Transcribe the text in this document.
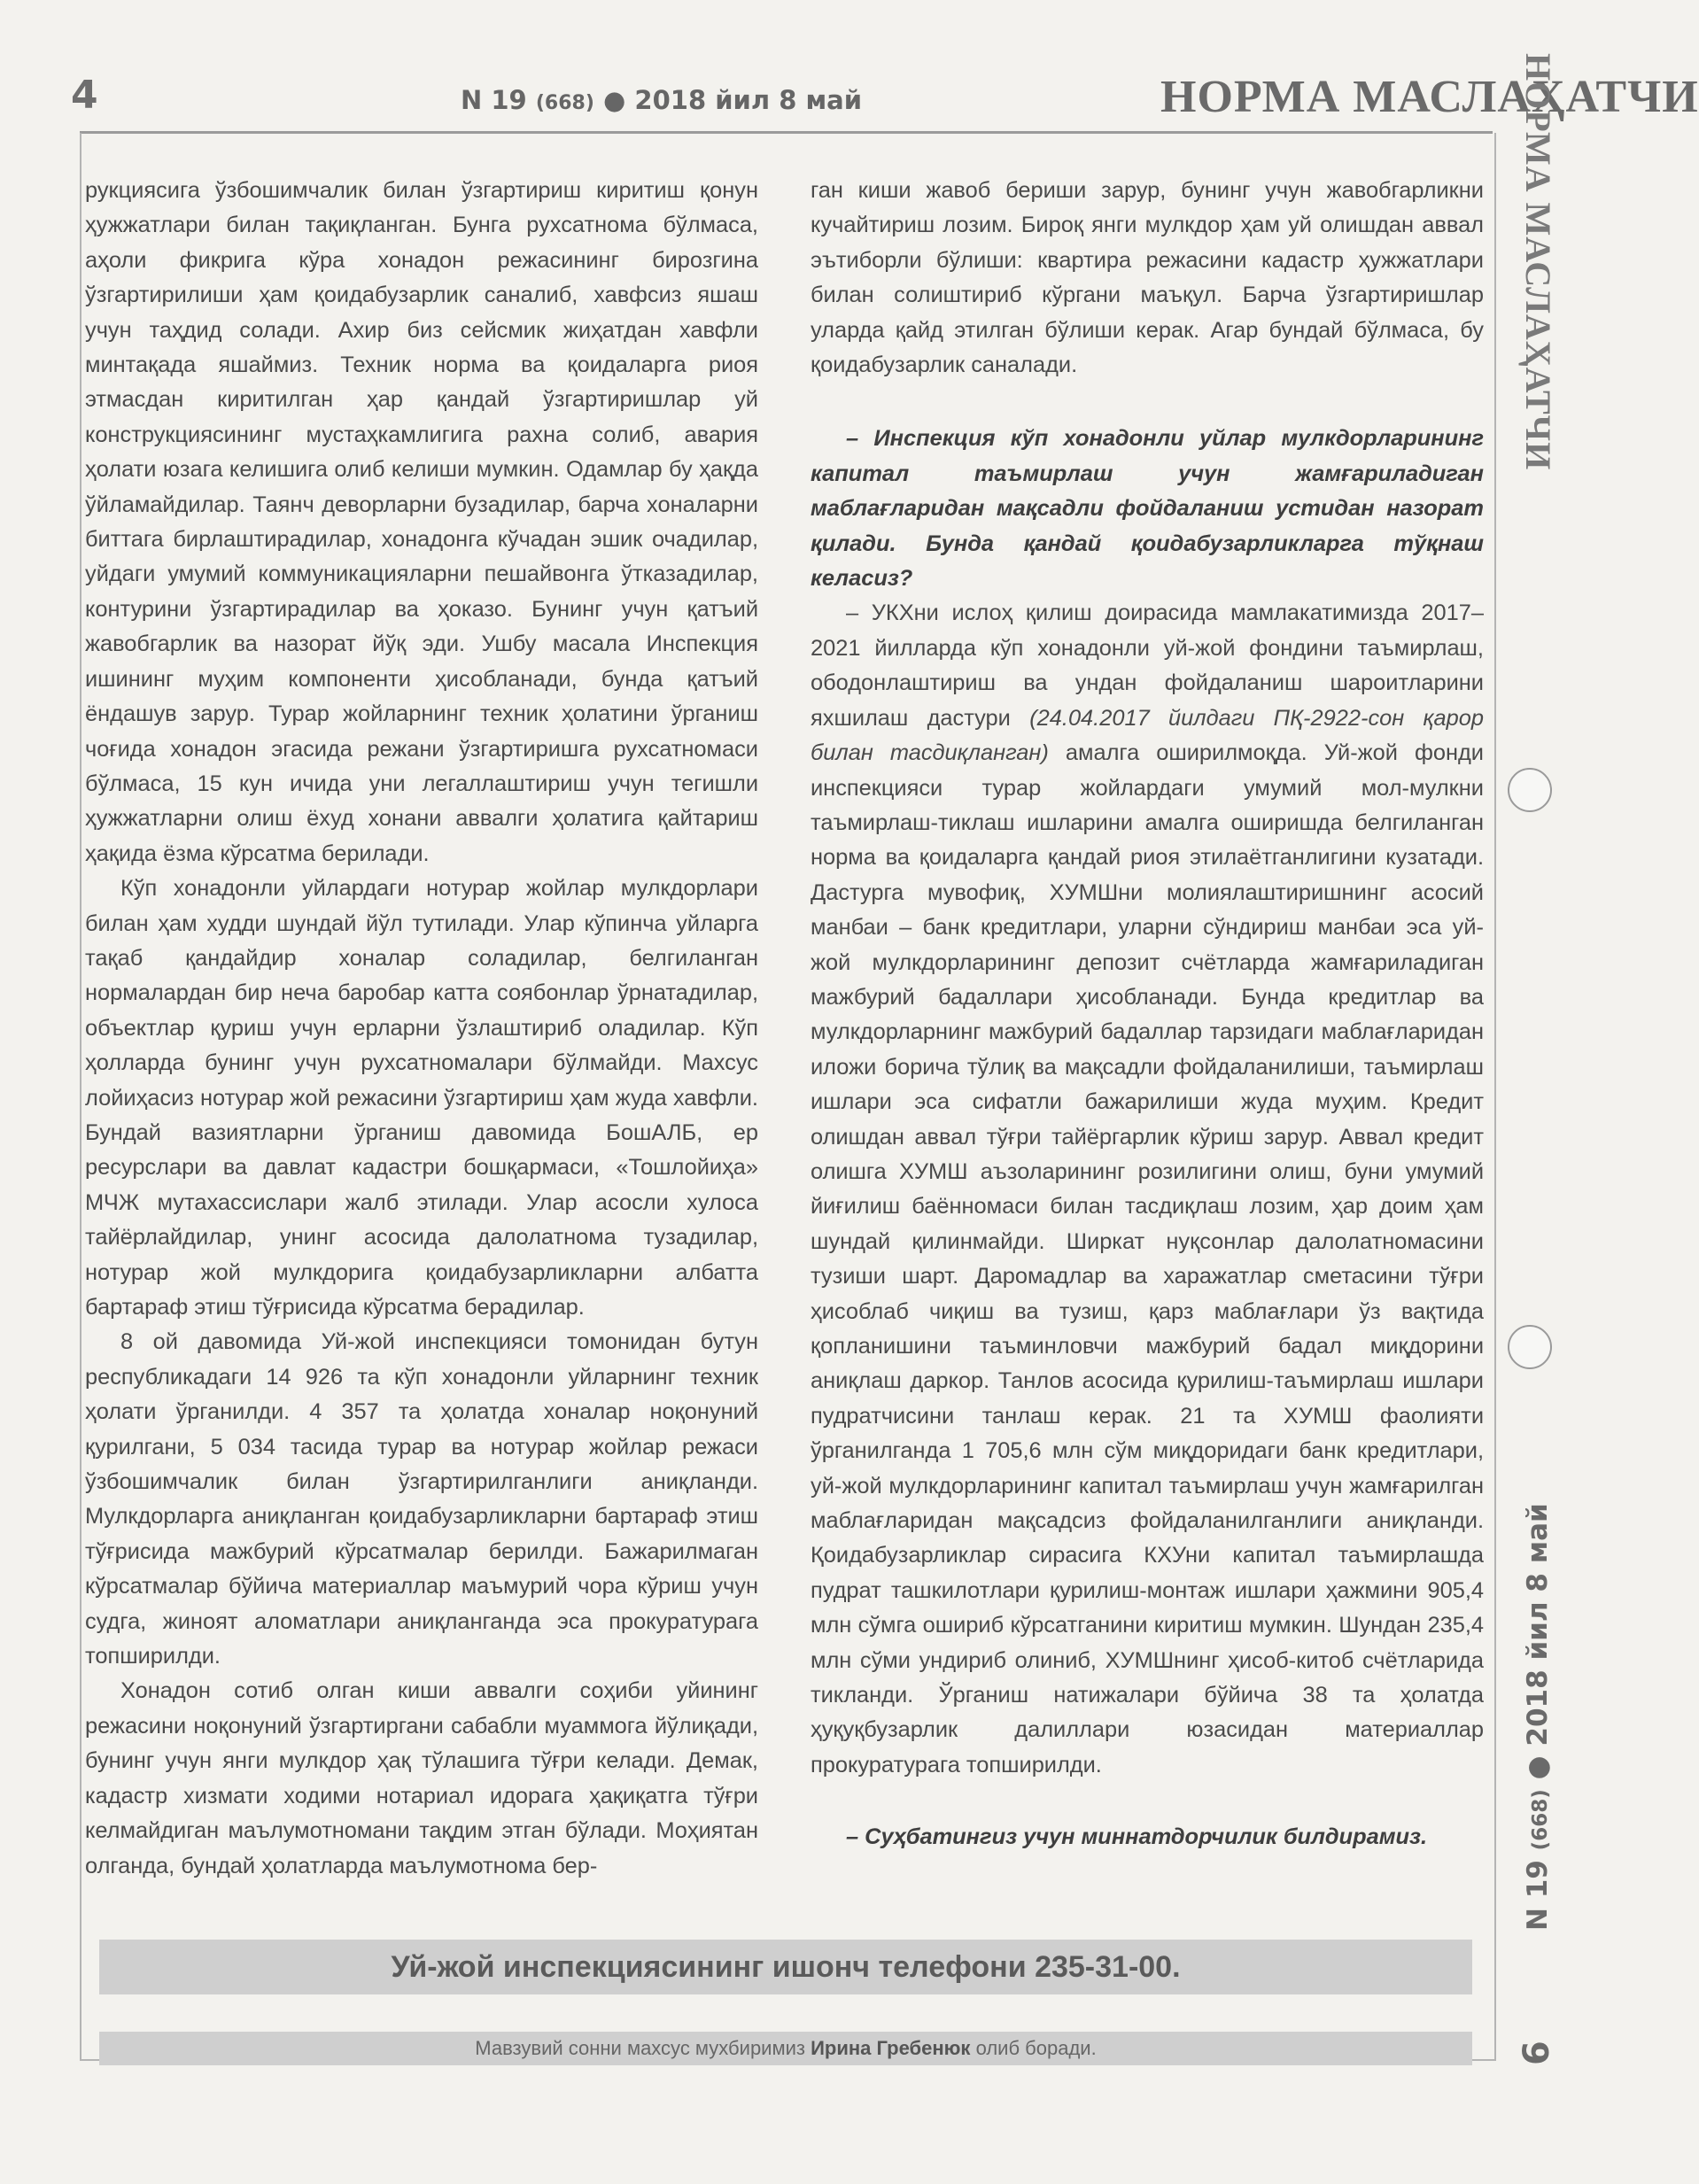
4	N 19 (668) ● 2018 йил 8 май	НОРМА МАСЛАҲАТЧИ

рукциясига ўзбошимчалик билан ўзгартириш киритиш қонун ҳужжатлари билан тақиқланган. Бунга рухсатнома бўлмаса, аҳоли фикрига кўра хонадон режасининг бирозгина ўзгартирилиши ҳам қоидабузарлик саналиб, хавфсиз яшаш учун таҳдид солади. Ахир биз сейсмик жиҳатдан хавфли минтақада яшаймиз. Техник норма ва қоидаларга риоя этмасдан киритилган ҳар қандай ўзгартиришлар уй конструкциясининг мустаҳкамлигига рахна солиб, авария ҳолати юзага келишига олиб келиши мумкин. Одамлар бу ҳақда ўйламайдилар. Таянч деворларни бузадилар, барча хоналарни биттага бирлаштирадилар, хонадонга кўчадан эшик очадилар, уйдаги умумий коммуникацияларни пешайвонга ўтказадилар, контурини ўзгартирадилар ва ҳоказо. Бунинг учун қатъий жавобгарлик ва назорат йўқ эди. Ушбу масала Инспекция ишининг муҳим компоненти ҳисобланади, бунда қатъий ёндашув зарур. Турар жойларнинг техник ҳолатини ўрганиш чоғида хонадон эгасида режани ўзгартиришга рухсатномаси бўлмаса, 15 кун ичида уни легаллаштириш учун тегишли ҳужжатларни олиш ёхуд хонани аввалги ҳолатига қайтариш ҳақида ёзма кўрсатма берилади.

Кўп хонадонли уйлардаги нотурар жойлар мулкдорлари билан ҳам худди шундай йўл тутилади. Улар кўпинча уйларга тақаб қандайдир хоналар соладилар, белгиланган нормалардан бир неча баробар катта соябонлар ўрнатадилар, объектлар қуриш учун ерларни ўзлаштириб оладилар. Кўп ҳолларда бунинг учун рухсатномалари бўлмайди. Махсус лойиҳасиз нотурар жой режасини ўзгартириш ҳам жуда хавфли. Бундай вазиятларни ўрганиш давомида БошАЛБ, ер ресурслари ва давлат кадастри бошқармаси, «Тошлойиҳа» МЧЖ мутахассислари жалб этилади. Улар асосли хулоса тайёрлайдилар, унинг асосида далолатнома тузадилар, нотурар жой мулкдорига қоидабузарликларни албатта бартараф этиш тўғрисида кўрсатма берадилар.

8 ой давомида Уй-жой инспекцияси томонидан бутун республикадаги 14 926 та кўп хонадонли уйларнинг техник ҳолати ўрганилди. 4 357 та ҳолатда хоналар ноқонуний қурилгани, 5 034 тасида турар ва нотурар жойлар режаси ўзбошимчалик билан ўзгартирилганлиги аниқланди. Мулкдорларга аниқланган қоидабузарликларни бартараф этиш тўғрисида мажбурий кўрсатмалар берилди. Бажарилмаган кўрсатмалар бўйича материаллар маъмурий чора кўриш учун судга, жиноят аломатлари аниқланганда эса прокуратурага топширилди.

Хонадон сотиб олган киши аввалги соҳиби уйининг режасини ноқонуний ўзгартиргани сабабли муаммога йўлиқади, бунинг учун янги мулкдор ҳақ тўлашига тўғри келади. Демак, кадастр хизмати ходими нотариал идорага ҳақиқатга тўғри келмайдиган маълумотномани тақдим этган бўлади. Моҳиятан олганда, бундай ҳолатларда маълумотнома бер-

ган киши жавоб бериши зарур, бунинг учун жавобгарликни кучайтириш лозим. Бироқ янги мулкдор ҳам уй олишдан аввал эътиборли бўлиши: квартира режасини кадастр ҳужжатлари билан солиштириб кўргани маъқул. Барча ўзгартиришлар уларда қайд этилган бўлиши керак. Агар бундай бўлмаса, бу қоидабузарлик саналади.

– Инспекция кўп хонадонли уйлар мулкдорларининг капитал таъмирлаш учун жамғариладиган маблағларидан мақсадли фойдаланиш устидан назорат қилади. Бунда қандай қоидабузарликларга тўқнаш келасиз?

– УКХни ислоҳ қилиш доирасида мамлакатимизда 2017–2021 йилларда кўп хонадонли уй-жой фондини таъмирлаш, ободонлаштириш ва ундан фойдаланиш шароитларини яхшилаш дастури (24.04.2017 йилдаги ПҚ-2922-сон қарор билан тасдиқланган) амалга оширилмоқда. Уй-жой фонди инспекцияси турар жойлардаги умумий мол-мулкни таъмирлаш-тиклаш ишларини амалга оширишда белгиланган норма ва қоидаларга қандай риоя этилаётганлигини кузатади. Дастурга мувофиқ, ХУМШни молиялаштиришнинг асосий манбаи – банк кредитлари, уларни сўндириш манбаи эса уй-жой мулкдорларининг депозит счётларда жамғариладиган мажбурий бадаллари ҳисобланади. Бунда кредитлар ва мулкдорларнинг мажбурий бадаллар тарзидаги маблағларидан иложи борича тўлиқ ва мақсадли фойдаланилиши, таъмирлаш ишлари эса сифатли бажарилиши жуда муҳим. Кредит олишдан аввал тўғри тайёргарлик кўриш зарур. Аввал кредит олишга ХУМШ аъзоларининг розилигини олиш, буни умумий йиғилиш баённомаси билан тасдиқлаш лозим, ҳар доим ҳам шундай қилинмайди. Ширкат нуқсонлар далолатномасини тузиши шарт. Даромадлар ва харажатлар сметасини тўғри ҳисоблаб чиқиш ва тузиш, қарз маблағлари ўз вақтида қопланишини таъминловчи мажбурий бадал миқдорини аниқлаш даркор. Танлов асосида қурилиш-таъмирлаш ишлари пудратчисини танлаш керак. 21 та ХУМШ фаолияти ўрганилганда 1 705,6 млн сўм миқдоридаги банк кредитлари, уй-жой мулкдорларининг капитал таъмирлаш учун жамғарилган маблағларидан мақсадсиз фойдаланилганлиги аниқланди. Қоидабузарликлар сирасига КХУни капитал таъмирлашда пудрат ташкилотлари қурилиш-монтаж ишлари ҳажмини 905,4 млн сўмга ошириб кўрсатганини киритиш мумкин. Шундан 235,4 млн сўми ундириб олиниб, ХУМШнинг ҳисоб-китоб счётларида тикланди. Ўрганиш натижалари бўйича 38 та ҳолатда ҳуқуқбузарлик далиллари юзасидан материаллар прокуратурага топширилди.

– Суҳбатингиз учун миннатдорчилик билдирамиз.

Уй-жой инспекциясининг ишонч телефони 235-31-00.
Мавзувий сонни махсус мухбиримиз Ирина Гребенюк олиб боради.
НОРМА МАСЛАҲАТЧИ
N 19 (668) ● 2018 йил 8 май
6
